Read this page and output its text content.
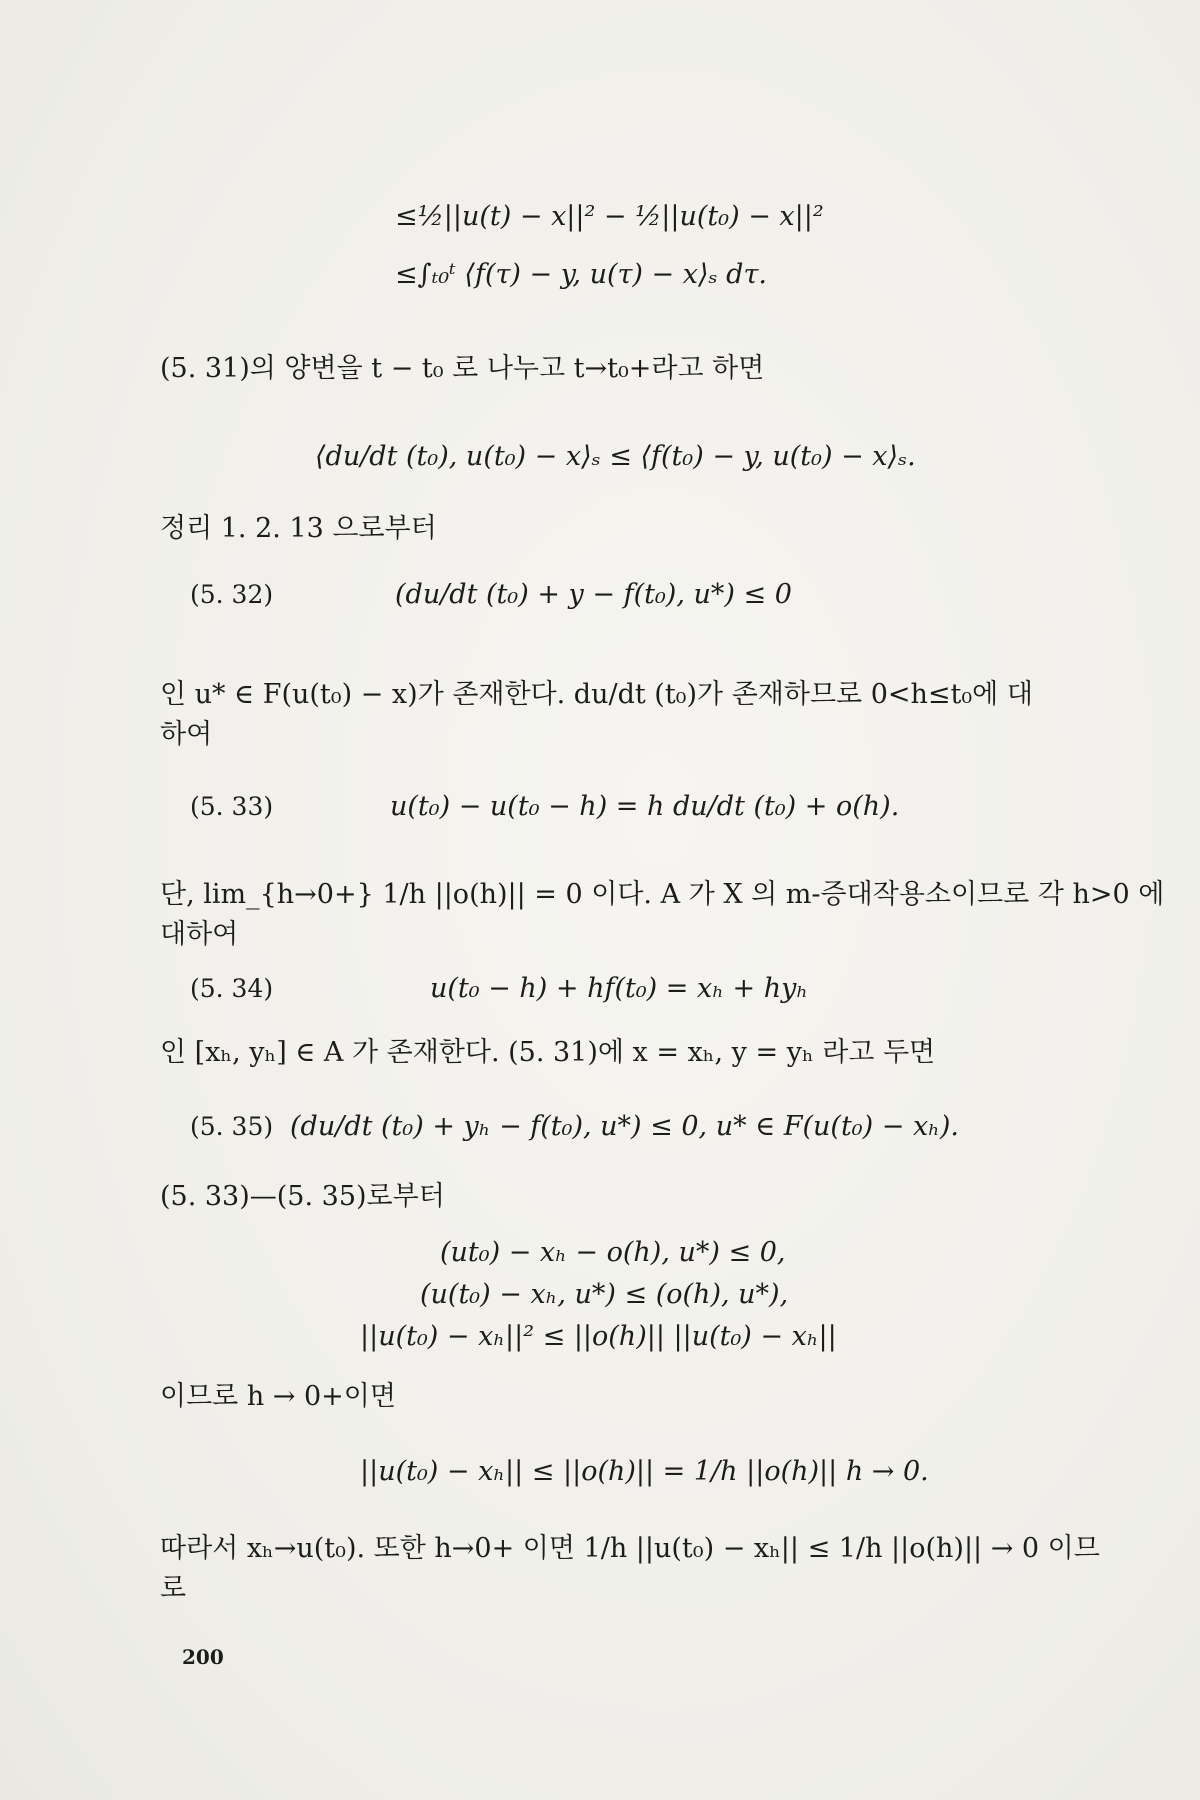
≤½||u(t) − x||² − ½||u(t₀) − x||²
≤∫ₜ₀ᵗ ⟨f(τ) − y, u(τ) − x⟩ₛ dτ.
(5. 31)의 양변을 t − t₀ 로 나누고 t→t₀+라고 하면
⟨du/dt (t₀), u(t₀) − x⟩ₛ ≤ ⟨f(t₀) − y, u(t₀) − x⟩ₛ.
정리 1. 2. 13 으로부터
(5. 32)	(du/dt (t₀) + y − f(t₀), u*) ≤ 0
인 u* ∈ F(u(t₀) − x)가 존재한다. du/dt (t₀)가 존재하므로 0<h≤t₀에 대
하여
(5. 33)	u(t₀) − u(t₀ − h) = h du/dt (t₀) + o(h).
단, lim_{h→0+} 1/h ||o(h)|| = 0 이다. A 가 X 의 m-증대작용소이므로 각 h>0 에
대하여
(5. 34)	u(t₀ − h) + hf(t₀) = xₕ + hyₕ
인 [xₕ, yₕ] ∈ A 가 존재한다. (5. 31)에 x = xₕ, y = yₕ 라고 두면
(5. 35) (du/dt (t₀) + yₕ − f(t₀), u*) ≤ 0, u* ∈ F(u(t₀) − xₕ).
(5. 33)—(5. 35)로부터
(ut₀) − xₕ − o(h), u*) ≤ 0,
(u(t₀) − xₕ, u*) ≤ (o(h), u*),
||u(t₀) − xₕ||² ≤ ||o(h)|| ||u(t₀) − xₕ||
이므로 h → 0+이면
||u(t₀) − xₕ|| ≤ ||o(h)|| = 1/h ||o(h)|| h → 0.
따라서 xₕ→u(t₀). 또한 h→0+ 이면 1/h ||u(t₀) − xₕ|| ≤ 1/h ||o(h)|| → 0 이므
로
200
